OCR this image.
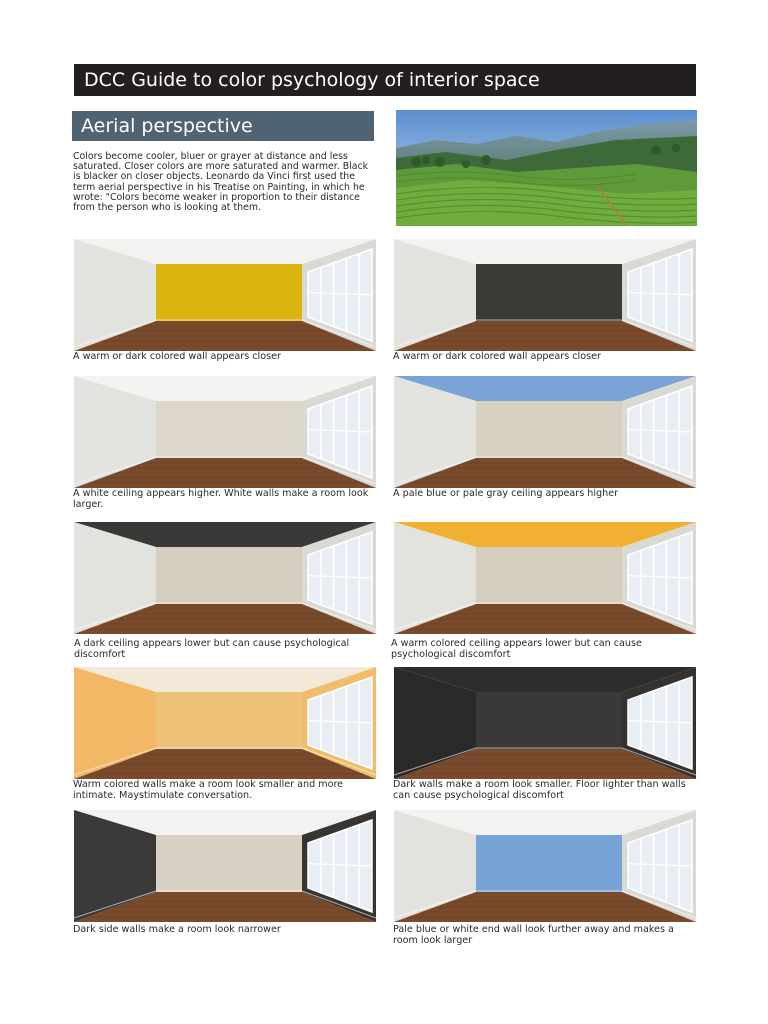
DCC Guide to color psychology of interior space
Aerial perspective
Colors become cooler, bluer or grayer at distance and less saturated. Closer colors are more saturated and warmer. Black is blacker on closer objects. Leonardo da Vinci first used the term aerial perspective in his Treatise on Painting, in which he wrote: "Colors become weaker in proportion to their distance from the person who is looking at them.
A warm or dark colored wall appears closer	A warm or dark colored wall appears closer
A white ceiling appears higher. White walls make a room look larger.
A pale blue or pale gray ceiling appears higher
A dark ceiling appears lower but can cause psychological discomfort
A warm colored ceiling appears lower but can cause psychological discomfort
Warm colored walls make a room look smaller and more intimate. Maystimulate conversation.
Dark walls make a room look smaller. Floor lighter than walls can cause psychological discomfort
Dark side walls make a room look narrower	Pale blue or white end wall look further away and makes a room look larger
